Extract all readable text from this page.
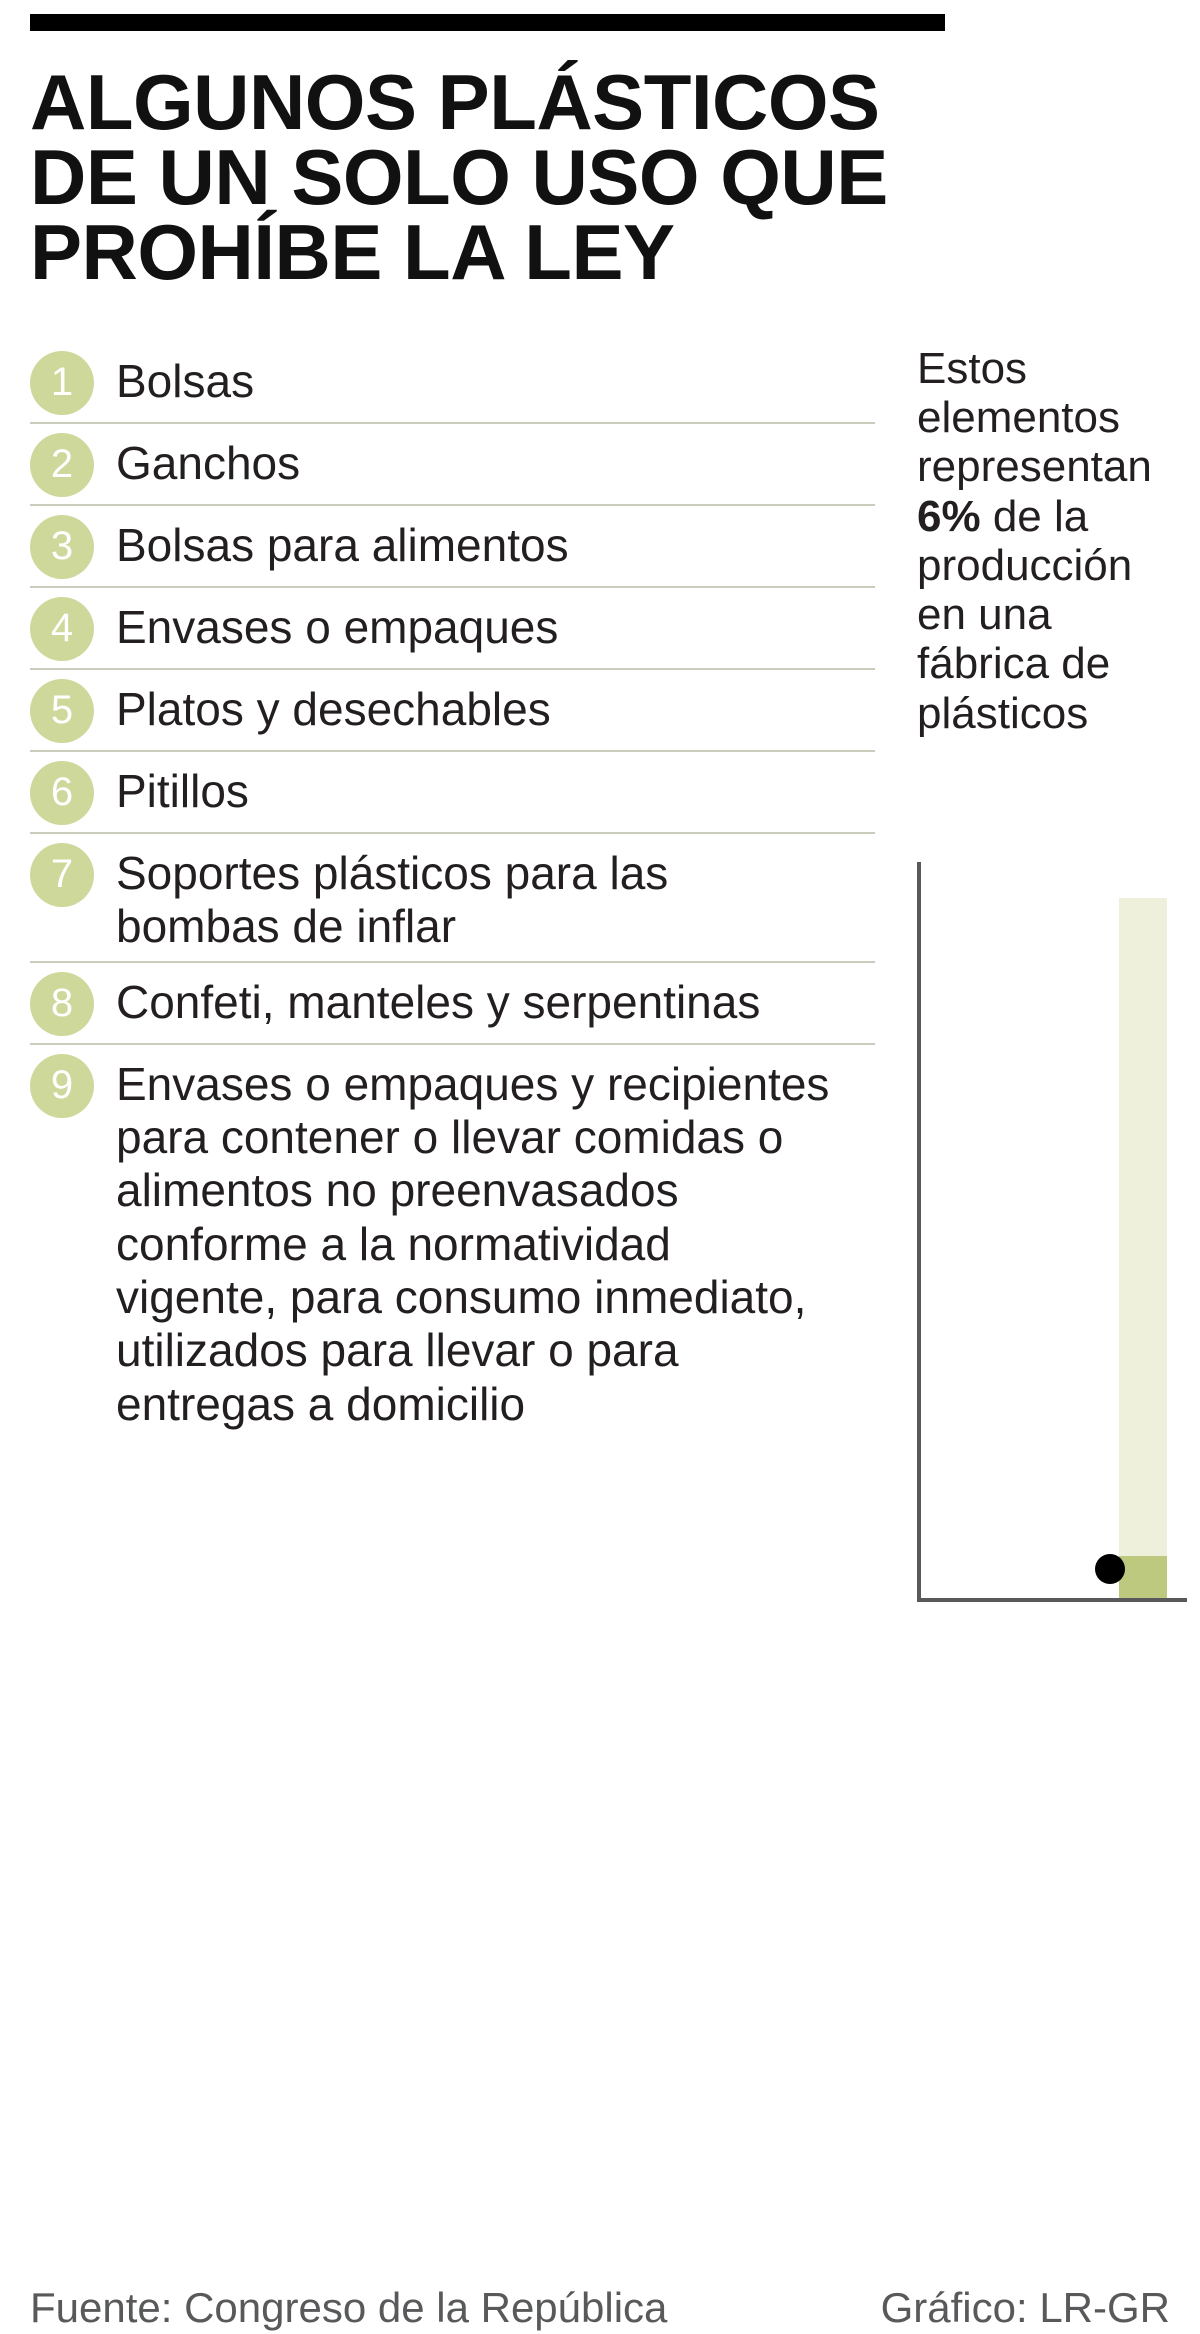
ALGUNOS PLÁSTICOS DE UN SOLO USO QUE PROHÍBE LA LEY
1 Bolsas
2 Ganchos
3 Bolsas para alimentos
4 Envases o empaques
5 Platos y desechables
6 Pitillos
7 Soportes plásticos para las bombas de inflar
8 Confeti, manteles y serpentinas
9 Envases o empaques y recipientes para contener o llevar comidas o alimentos no preenvasados conforme a la normatividad vigente, para consumo inmediato, utilizados para llevar o para entregas a domicilio

Estos elementos representan 6% de la producción en una fábrica de plásticos

Fuente: Congreso de la República	Gráfico: LR-GR
